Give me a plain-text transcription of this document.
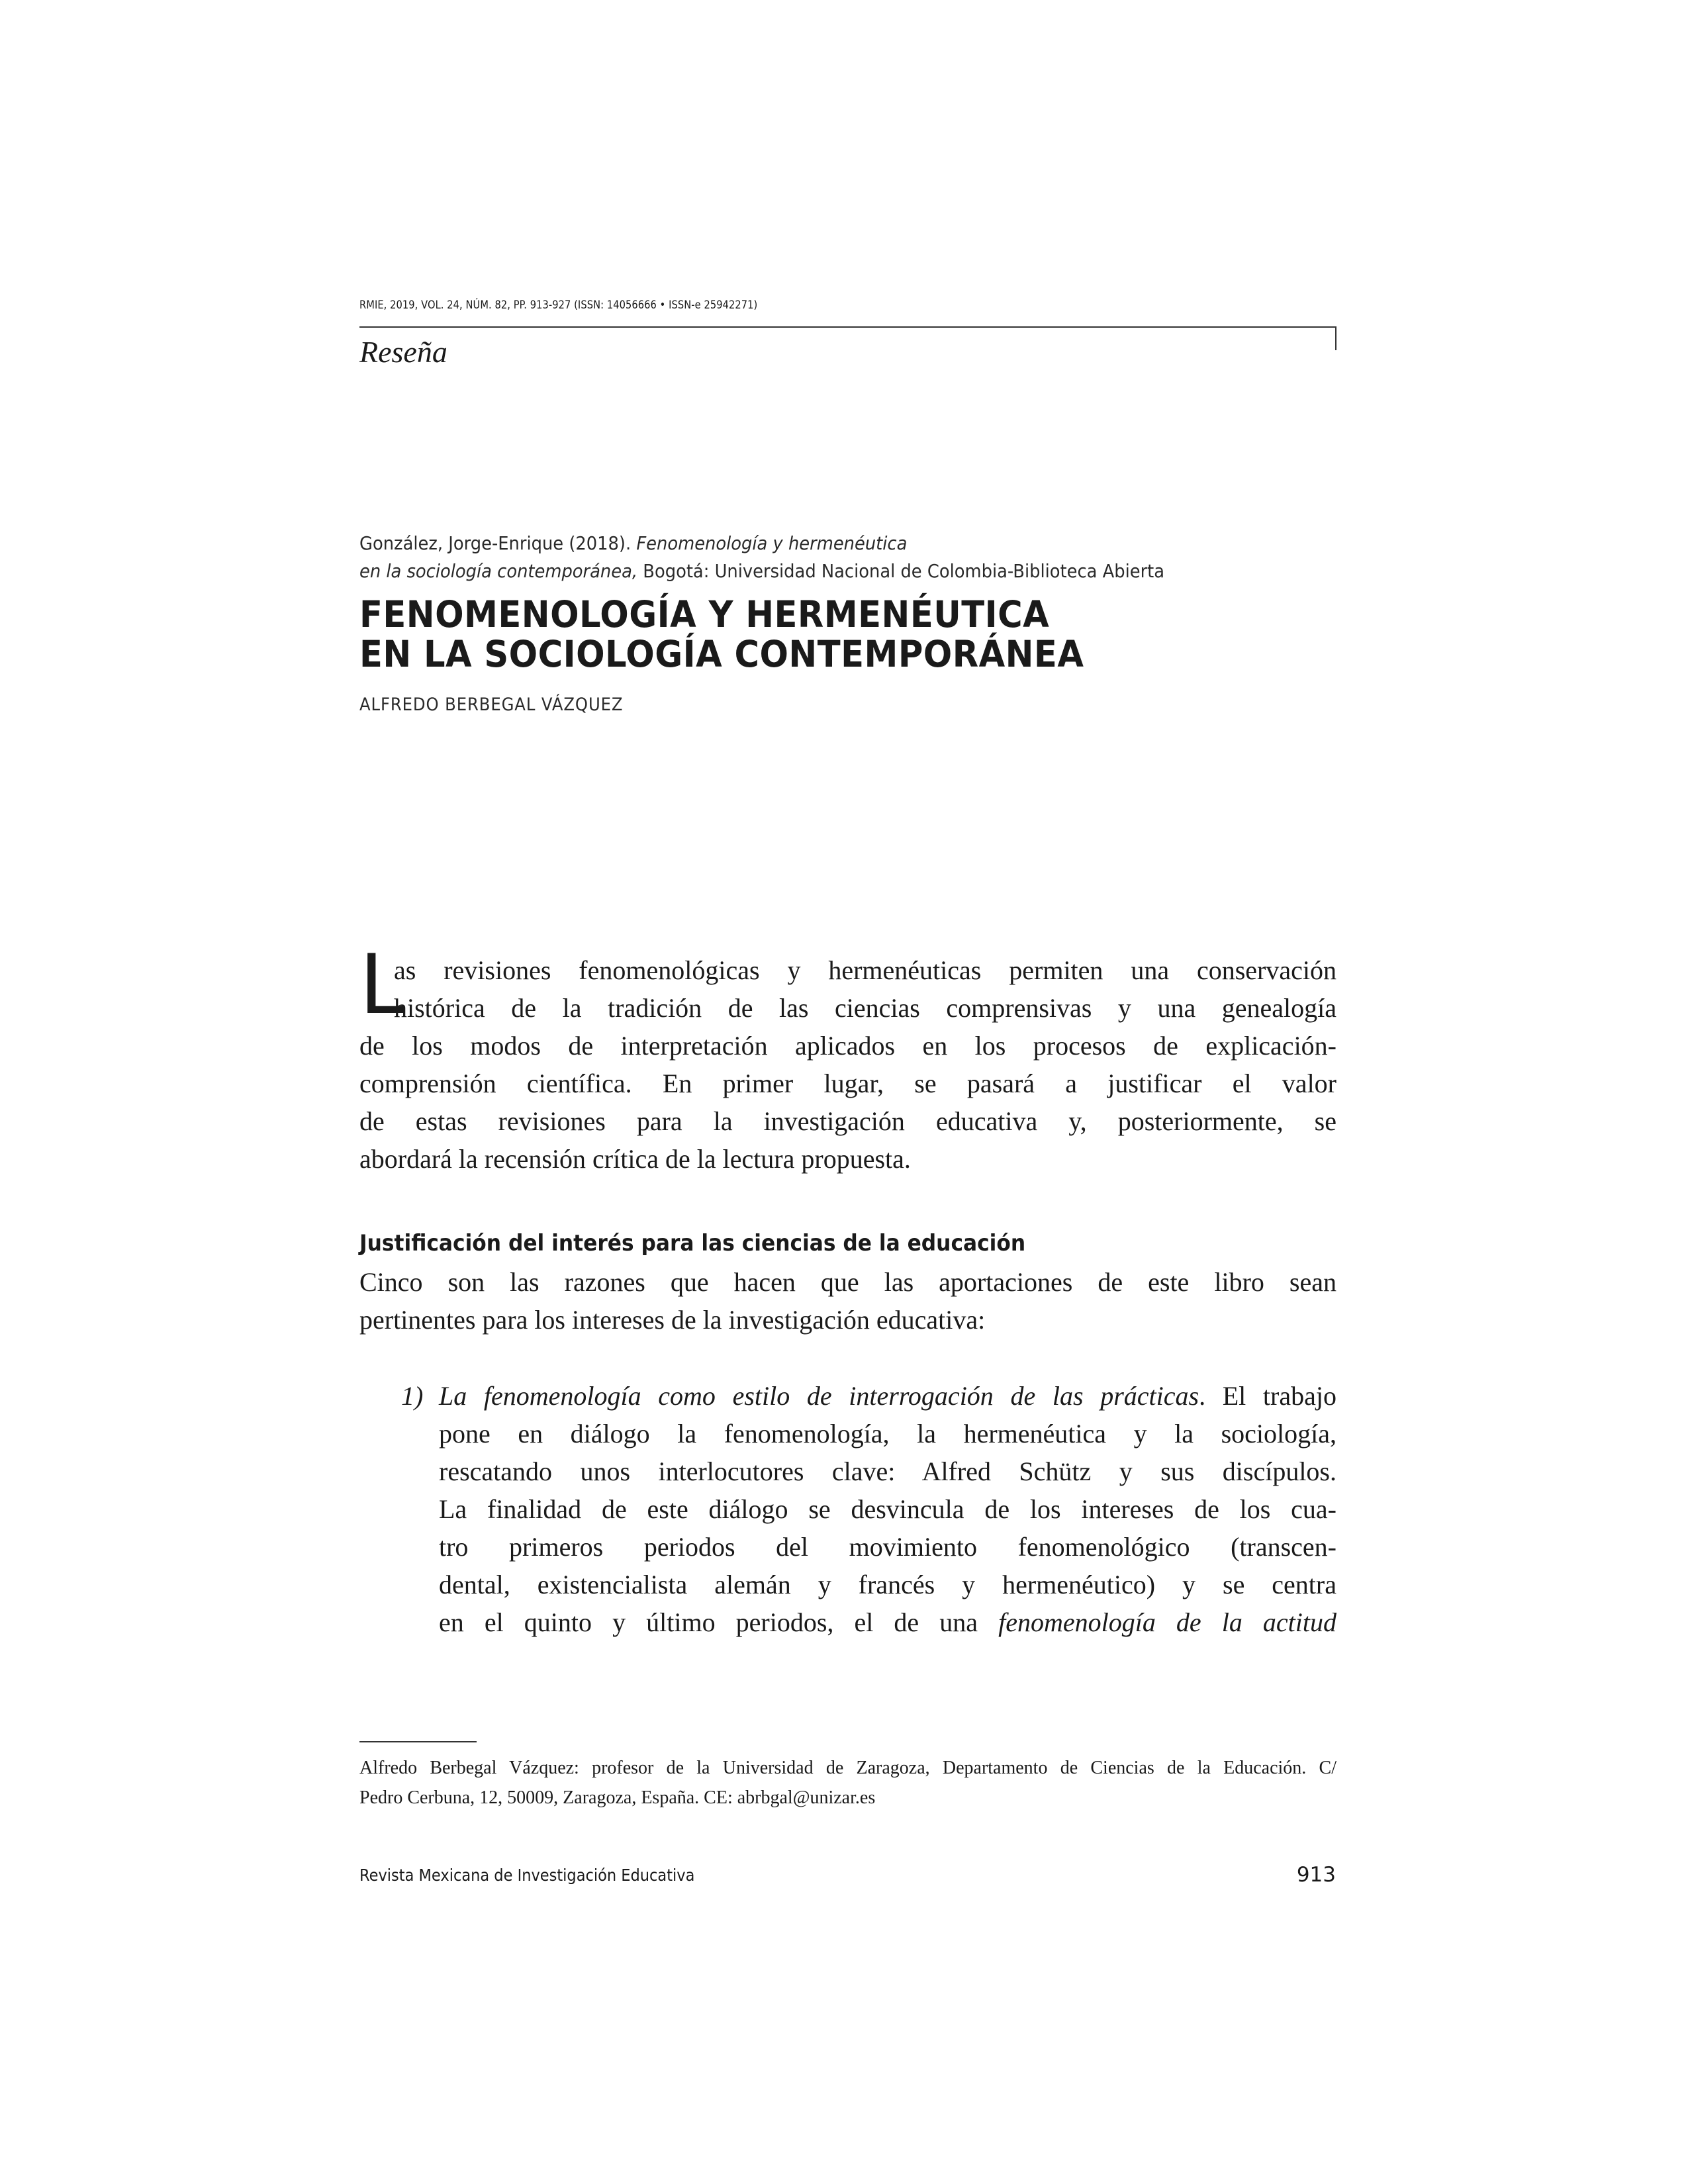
RMIE, 2019, VOL. 24, NÚM. 82, PP. 913-927 (ISSN: 14056666 • ISSN-e 25942271)
Reseña
González, Jorge-Enrique (2018). Fenomenología y hermenéutica
en la sociología contemporánea, Bogotá: Universidad Nacional de Colombia-Biblioteca Abierta
FENOMENOLOGÍA Y HERMENÉUTICA
EN LA SOCIOLOGÍA CONTEMPORÁNEA
ALFREDO BERBEGAL VÁZQUEZ
L
as revisiones fenomenológicas y hermenéuticas permiten una conservación
histórica de la tradición de las ciencias comprensivas y una genealogía
de los modos de interpretación aplicados en los procesos de explicación-
comprensión científica. En primer lugar, se pasará a justificar el valor
de estas revisiones para la investigación educativa y, posteriormente, se
abordará la recensión crítica de la lectura propuesta.
Justificación del interés para las ciencias de la educación
Cinco son las razones que hacen que las aportaciones de este libro sean
pertinentes para los intereses de la investigación educativa:
1) La fenomenología como estilo de interrogación de las prácticas. El trabajo
pone en diálogo la fenomenología, la hermenéutica y la sociología,
rescatando unos interlocutores clave: Alfred Schütz y sus discípulos.
La finalidad de este diálogo se desvincula de los intereses de los cua-
tro primeros periodos del movimiento fenomenológico (transcen-
dental, existencialista alemán y francés y hermenéutico) y se centra
en el quinto y último periodos, el de una fenomenología de la actitud
Alfredo Berbegal Vázquez: profesor de la Universidad de Zaragoza, Departamento de Ciencias de la Educación. C/
Pedro Cerbuna, 12, 50009, Zaragoza, España. CE: abrbgal@unizar.es
Revista Mexicana de Investigación Educativa	913
